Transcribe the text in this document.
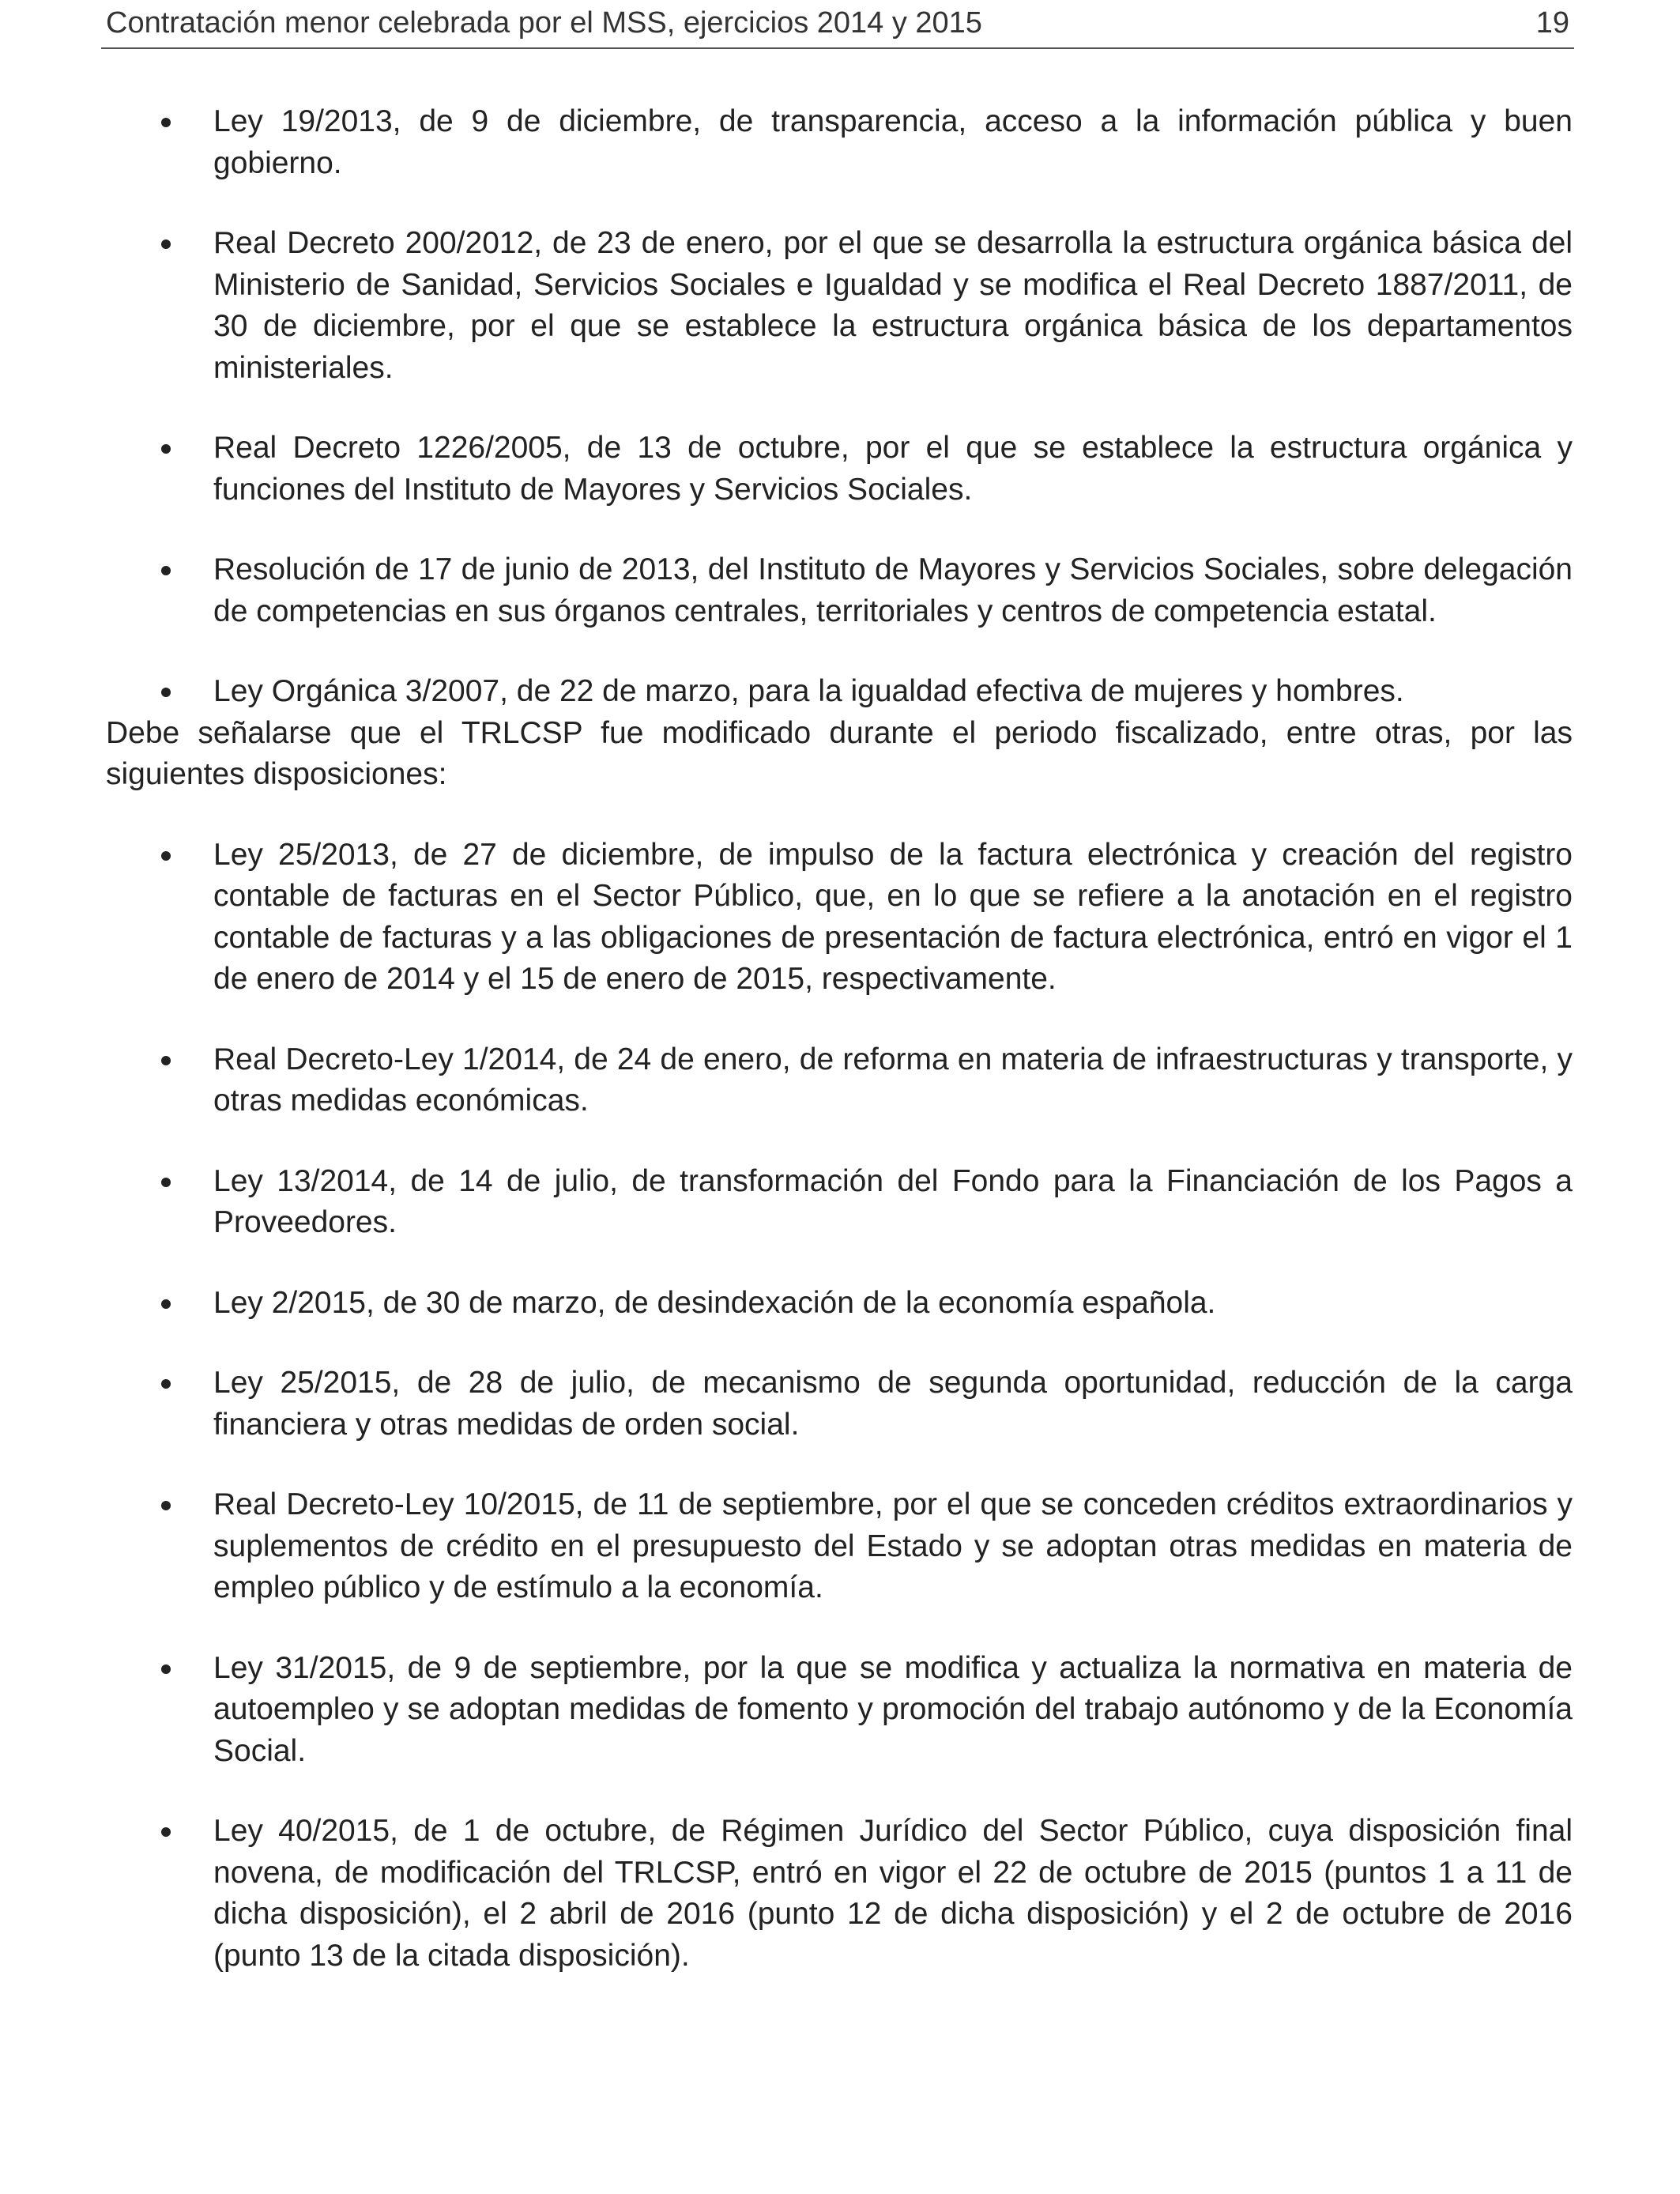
Contratación menor celebrada por el MSS, ejercicios 2014 y 2015	19
Ley 19/2013, de 9 de diciembre, de transparencia, acceso a la información pública y buen gobierno.
Real Decreto 200/2012, de 23 de enero, por el que se desarrolla la estructura orgánica básica del Ministerio de Sanidad, Servicios Sociales e Igualdad y se modifica el Real Decreto 1887/2011, de 30 de diciembre, por el que se establece la estructura orgánica básica de los departamentos ministeriales.
Real Decreto 1226/2005, de 13 de octubre, por el que se establece la estructura orgánica y funciones del Instituto de Mayores y Servicios Sociales.
Resolución de 17 de junio de 2013, del Instituto de Mayores y Servicios Sociales, sobre delegación de competencias en sus órganos centrales, territoriales y centros de competencia estatal.
Ley Orgánica 3/2007, de 22 de marzo, para la igualdad efectiva de mujeres y hombres.

Debe señalarse que el TRLCSP fue modificado durante el periodo fiscalizado, entre otras, por las siguientes disposiciones:

Ley 25/2013, de 27 de diciembre, de impulso de la factura electrónica y creación del registro contable de facturas en el Sector Público, que, en lo que se refiere a la anotación en el registro contable de facturas y a las obligaciones de presentación de factura electrónica, entró en vigor el 1 de enero de 2014 y el 15 de enero de 2015, respectivamente.
Real Decreto-Ley 1/2014, de 24 de enero, de reforma en materia de infraestructuras y transporte, y otras medidas económicas.
Ley 13/2014, de 14 de julio, de transformación del Fondo para la Financiación de los Pagos a Proveedores.
Ley 2/2015, de 30 de marzo, de desindexación de la economía española.
Ley 25/2015, de 28 de julio, de mecanismo de segunda oportunidad, reducción de la carga financiera y otras medidas de orden social.
Real Decreto-Ley 10/2015, de 11 de septiembre, por el que se conceden créditos extraordinarios y suplementos de crédito en el presupuesto del Estado y se adoptan otras medidas en materia de empleo público y de estímulo a la economía.
Ley 31/2015, de 9 de septiembre, por la que se modifica y actualiza la normativa en materia de autoempleo y se adoptan medidas de fomento y promoción del trabajo autónomo y de la Economía Social.
Ley 40/2015, de 1 de octubre, de Régimen Jurídico del Sector Público, cuya disposición final novena, de modificación del TRLCSP, entró en vigor el 22 de octubre de 2015 (puntos 1 a 11 de dicha disposición), el 2 abril de 2016 (punto 12 de dicha disposición) y el 2 de octubre de 2016 (punto 13 de la citada disposición).
